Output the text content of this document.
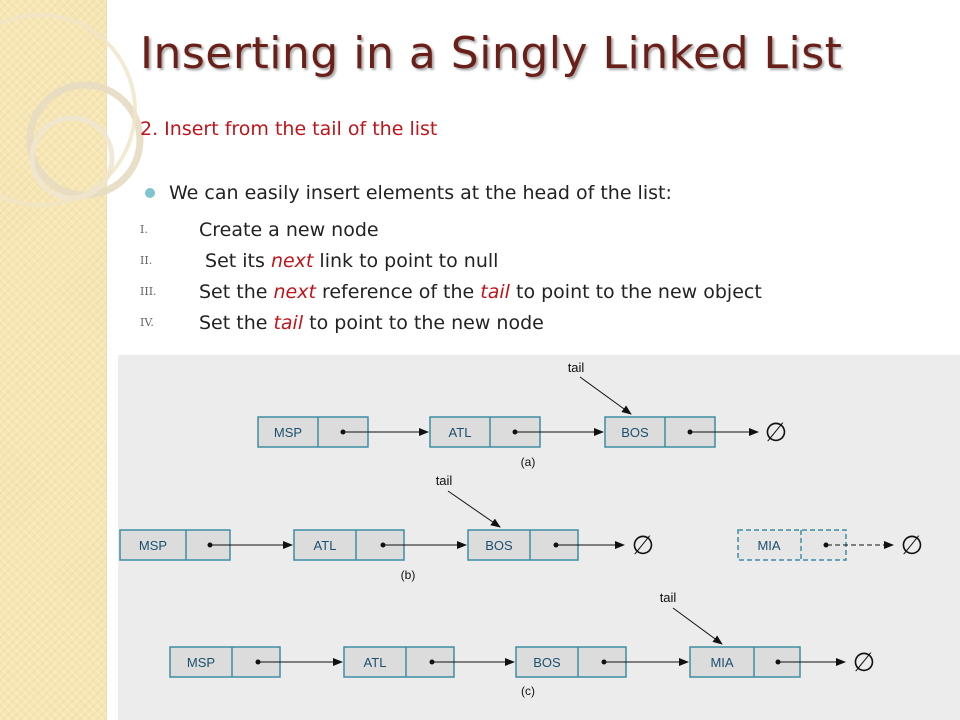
Inserting in a Singly Linked List
2. Insert from the tail of the list
We can easily insert elements at the head of the list:
I.	Create a new node
II.	Set its next link to point to null
III.	Set the next reference of the tail to point to the new object
IV.	Set the tail to point to the new node
MSP	ATL	BOS	∅
tail
(a)
MSP	ATL	BOS	∅
tail
(b)
MIA	∅
MSP	ATL	BOS	MIA	∅
tail
(c)
